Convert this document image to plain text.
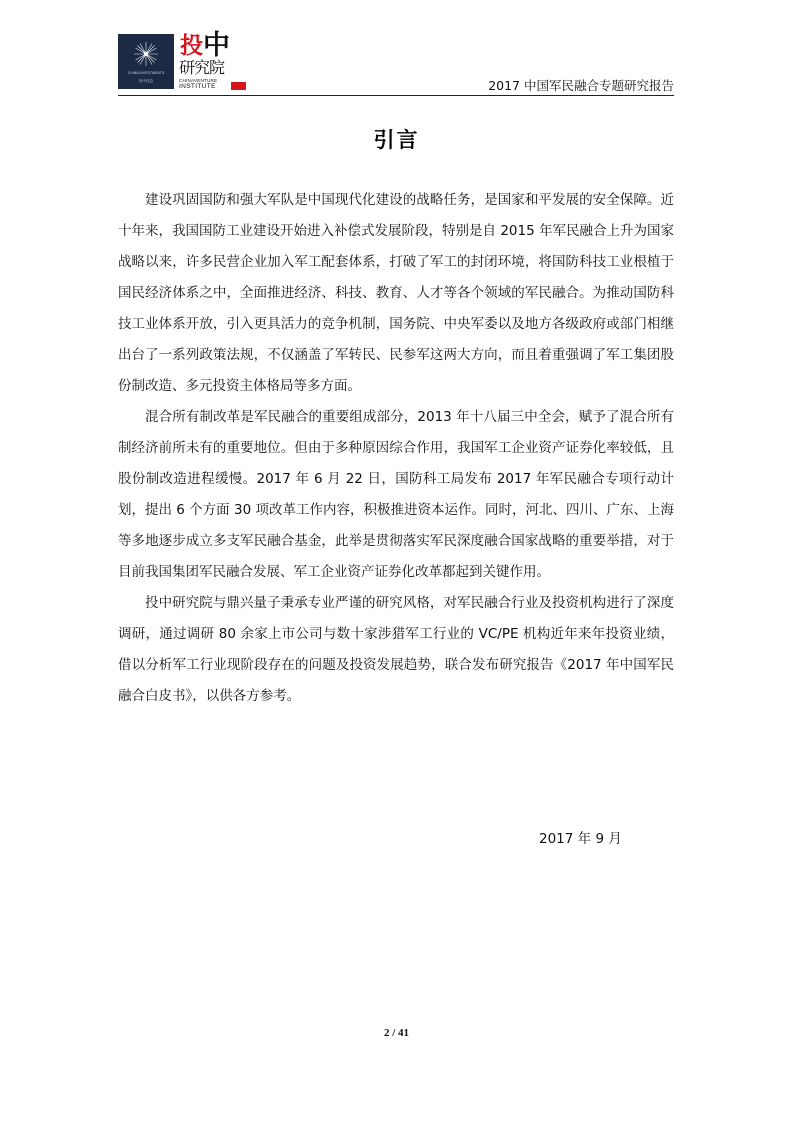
CHINA INVESTMENTS
投中信息
投 中
研究院
CHINAVENTURE
INSTITUTE	2017 中国军民融合专题研究报告
引言

建设巩固国防和强大军队是中国现代化建设的战略任务，是国家和平发展的安全保障。近十年来，我国国防工业建设开始进入补偿式发展阶段，特别是自 2015 年军民融合上升为国家战略以来，许多民营企业加入军工配套体系，打破了军工的封闭环境，将国防科技工业根植于国民经济体系之中，全面推进经济、科技、教育、人才等各个领域的军民融合。为推动国防科技工业体系开放，引入更具活力的竞争机制，国务院、中央军委以及地方各级政府或部门相继出台了一系列政策法规，不仅涵盖了军转民、民参军这两大方向，而且着重强调了军工集团股份制改造、多元投资主体格局等多方面。

混合所有制改革是军民融合的重要组成部分，2013 年十八届三中全会，赋予了混合所有制经济前所未有的重要地位。但由于多种原因综合作用，我国军工企业资产证券化率较低，且股份制改造进程缓慢。2017 年 6 月 22 日，国防科工局发布 2017 年军民融合专项行动计划，提出 6 个方面 30 项改革工作内容，积极推进资本运作。同时，河北、四川、广东、上海等多地逐步成立多支军民融合基金，此举是贯彻落实军民深度融合国家战略的重要举措，对于目前我国集团军民融合发展、军工企业资产证券化改革都起到关键作用。

投中研究院与鼎兴量子秉承专业严谨的研究风格，对军民融合行业及投资机构进行了深度调研，通过调研 80 余家上市公司与数十家涉猎军工行业的 VC/PE 机构近年来年投资业绩，借以分析军工行业现阶段存在的问题及投资发展趋势，联合发布研究报告《2017 年中国军民融合白皮书》，以供各方参考。

2017 年 9 月
2 / 41
